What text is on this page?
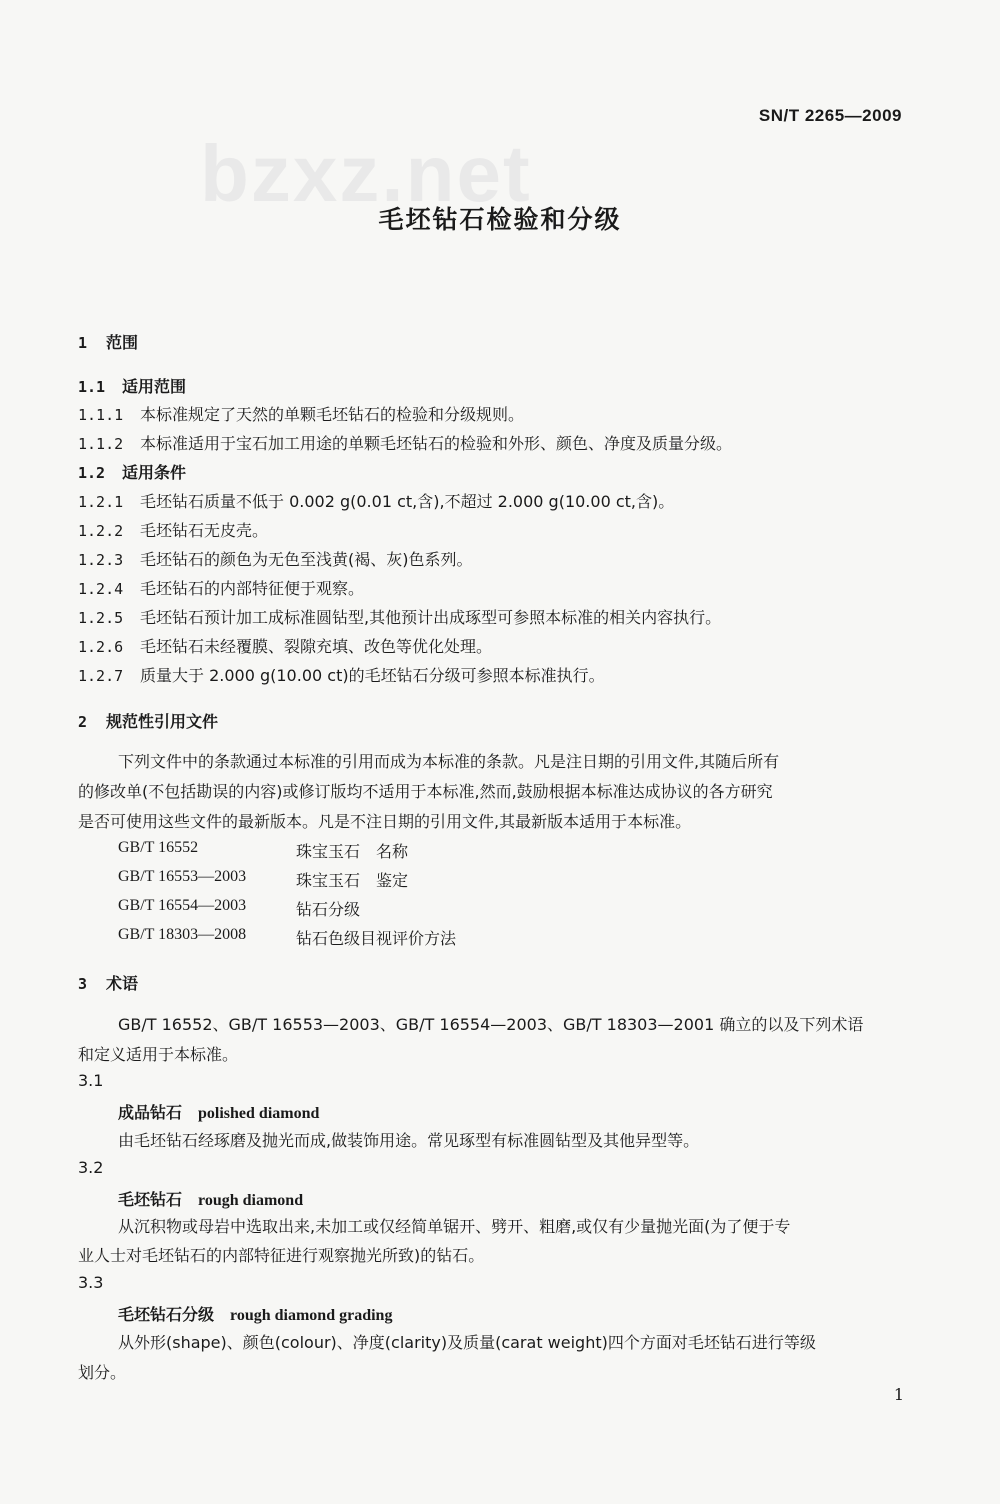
bzxz.net
SN/T 2265—2009
毛坯钻石检验和分级
1 范围
1.1 适用范围
1.1.1 本标准规定了天然的单颗毛坯钻石的检验和分级规则。
1.1.2 本标准适用于宝石加工用途的单颗毛坯钻石的检验和外形、颜色、净度及质量分级。
1.2 适用条件
1.2.1 毛坯钻石质量不低于 0.002 g(0.01 ct,含),不超过 2.000 g(10.00 ct,含)。
1.2.2 毛坯钻石无皮壳。
1.2.3 毛坯钻石的颜色为无色至浅黄(褐、灰)色系列。
1.2.4 毛坯钻石的内部特征便于观察。
1.2.5 毛坯钻石预计加工成标准圆钻型,其他预计出成琢型可参照本标准的相关内容执行。
1.2.6 毛坯钻石未经覆膜、裂隙充填、改色等优化处理。
1.2.7 质量大于 2.000 g(10.00 ct)的毛坯钻石分级可参照本标准执行。
2 规范性引用文件
下列文件中的条款通过本标准的引用而成为本标准的条款。凡是注日期的引用文件,其随后所有
的修改单(不包括勘误的内容)或修订版均不适用于本标准,然而,鼓励根据本标准达成协议的各方研究
是否可使用这些文件的最新版本。凡是不注日期的引用文件,其最新版本适用于本标准。
GB/T 16552	珠宝玉石　名称
GB/T 16553—2003	珠宝玉石　鉴定
GB/T 16554—2003	钻石分级
GB/T 18303—2008	钻石色级目视评价方法
3 术语
GB/T 16552、GB/T 16553—2003、GB/T 16554—2003、GB/T 18303—2001 确立的以及下列术语
和定义适用于本标准。
3.1
成品钻石 polished diamond
由毛坯钻石经琢磨及抛光而成,做装饰用途。常见琢型有标准圆钻型及其他异型等。
3.2
毛坯钻石 rough diamond
从沉积物或母岩中选取出来,未加工或仅经简单锯开、劈开、粗磨,或仅有少量抛光面(为了便于专
业人士对毛坯钻石的内部特征进行观察抛光所致)的钻石。
3.3
毛坯钻石分级 rough diamond grading
从外形(shape)、颜色(colour)、净度(clarity)及质量(carat weight)四个方面对毛坯钻石进行等级
划分。
1
